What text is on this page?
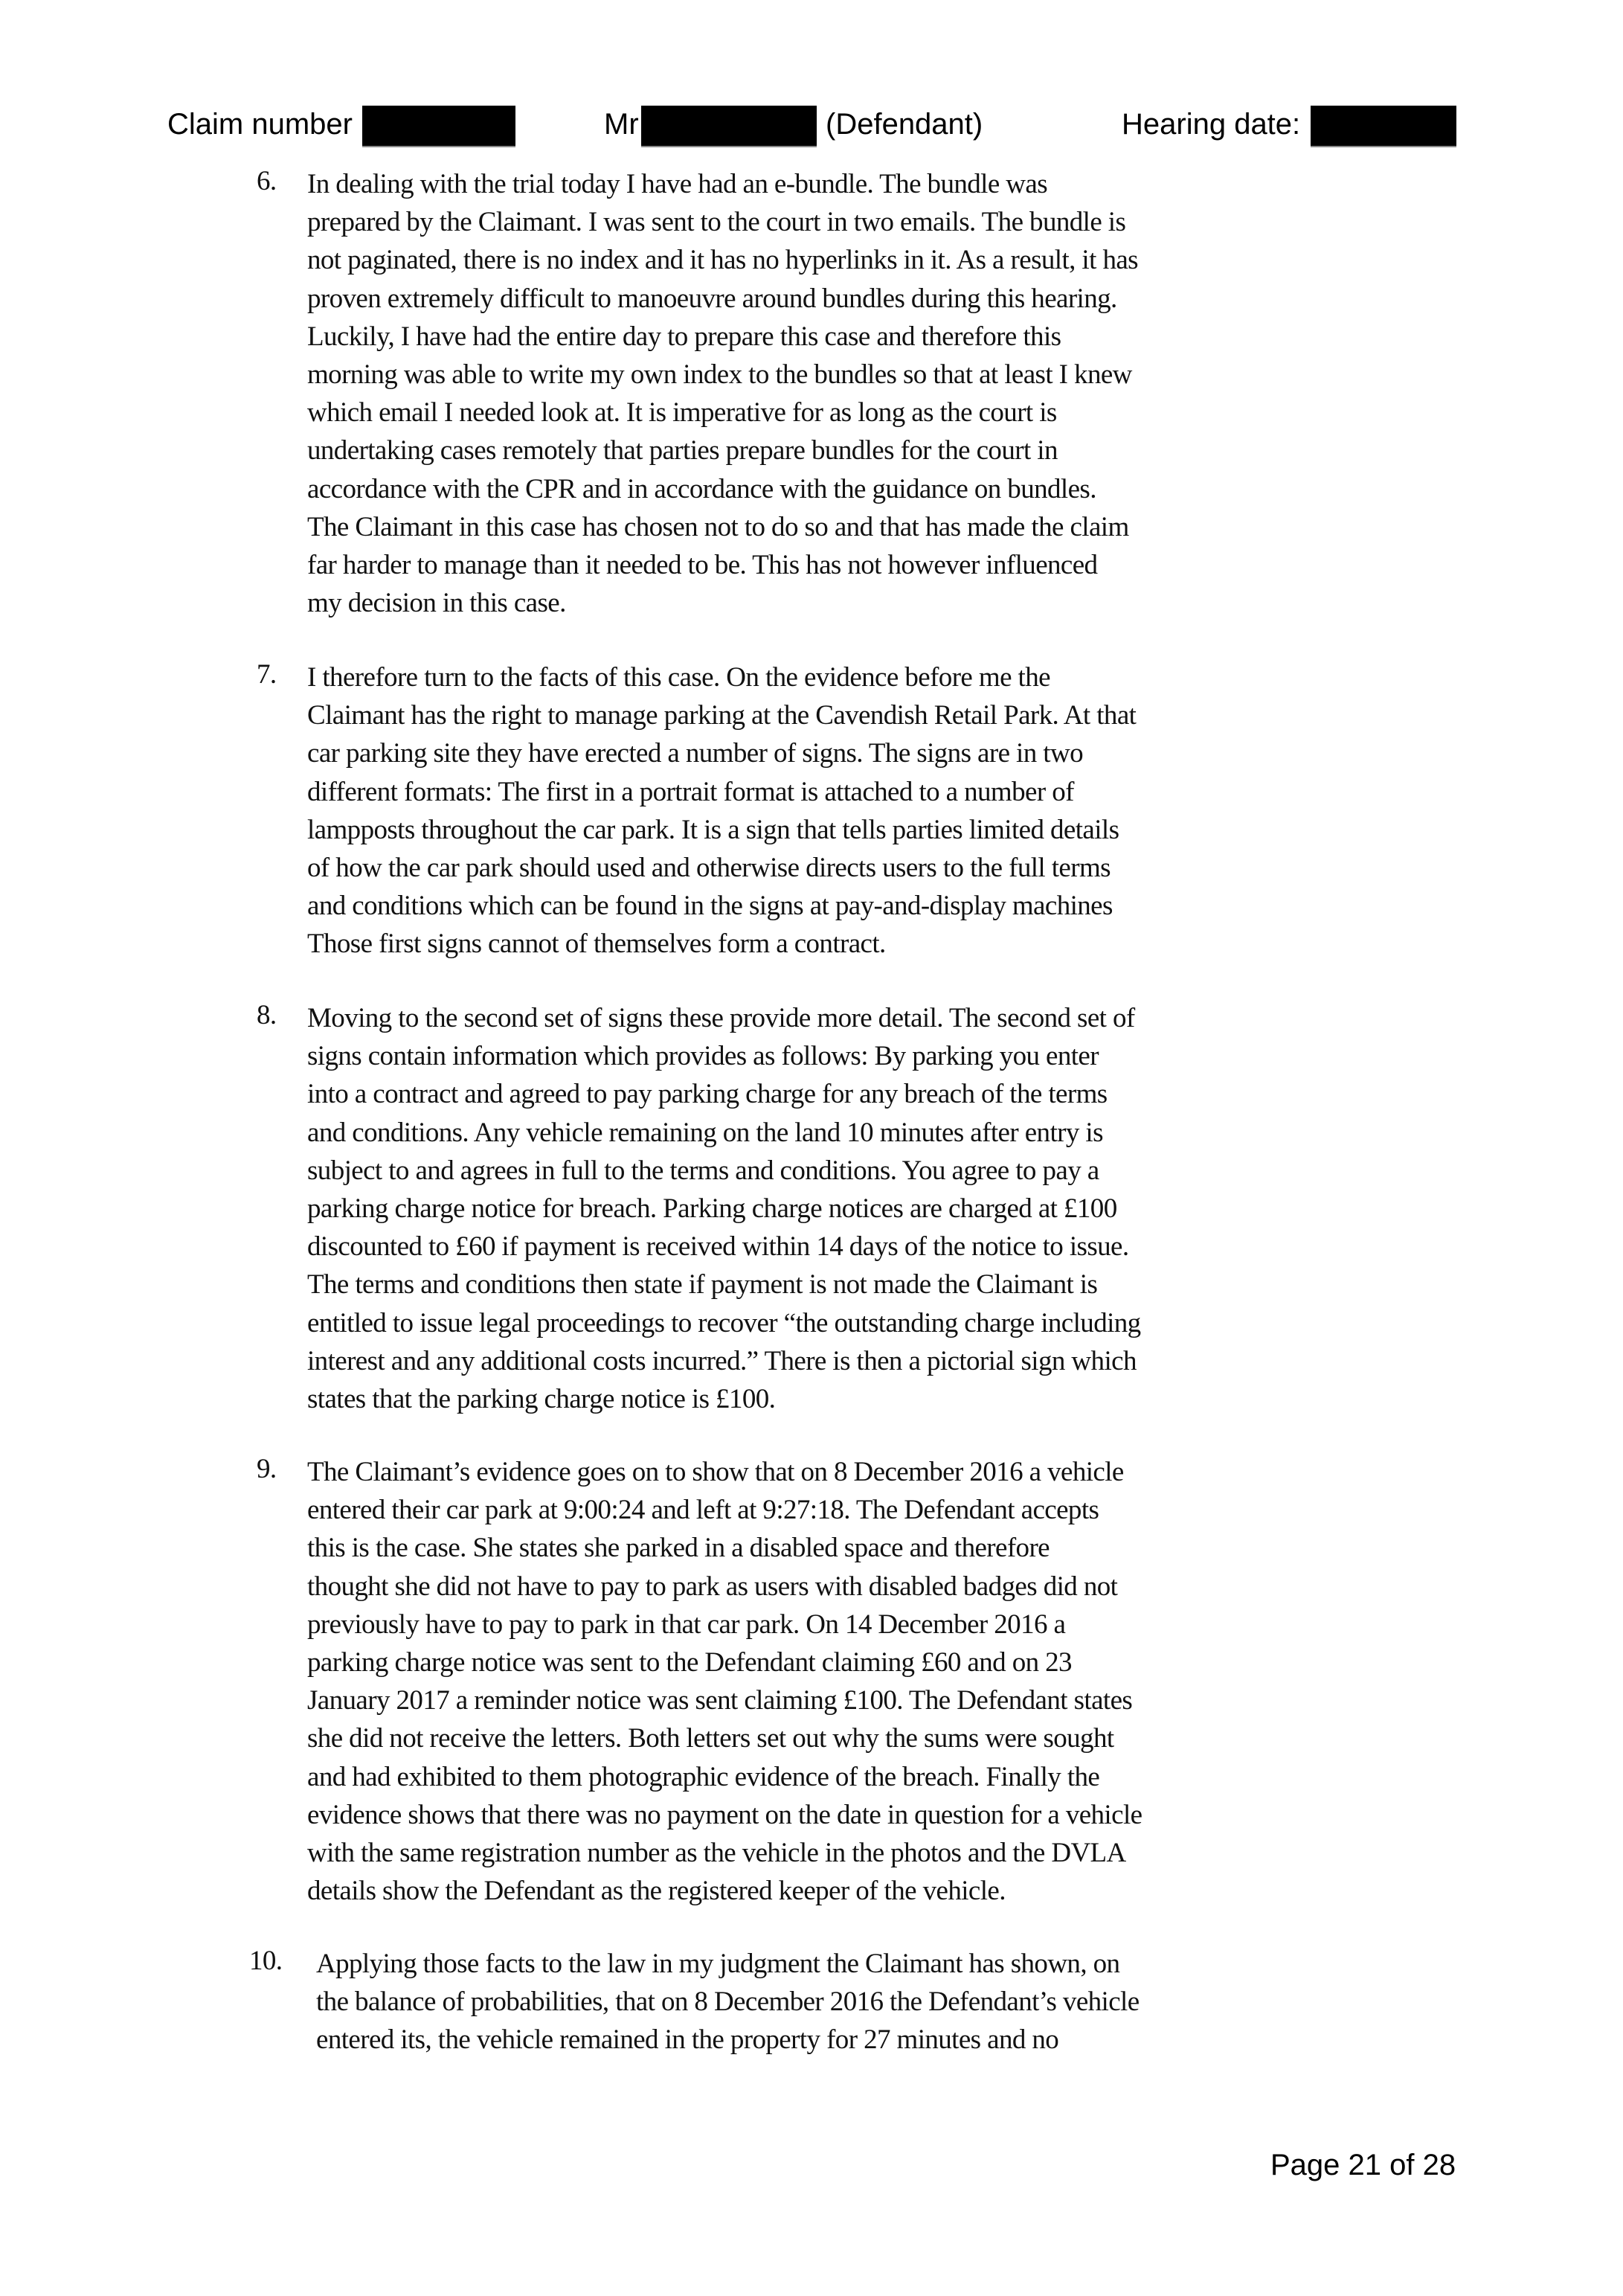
Claim number	Mr	(Defendant)	Hearing date:
6. In dealing with the trial today I have had an e-bundle. The bundle was
prepared by the Claimant. I was sent to the court in two emails. The bundle is
not paginated, there is no index and it has no hyperlinks in it. As a result, it has
proven extremely difficult to manoeuvre around bundles during this hearing.
Luckily, I have had the entire day to prepare this case and therefore this
morning was able to write my own index to the bundles so that at least I knew
which email I needed look at. It is imperative for as long as the court is
undertaking cases remotely that parties prepare bundles for the court in
accordance with the CPR and in accordance with the guidance on bundles.
The Claimant in this case has chosen not to do so and that has made the claim
far harder to manage than it needed to be. This has not however influenced
my decision in this case.
7. I therefore turn to the facts of this case. On the evidence before me the
Claimant has the right to manage parking at the Cavendish Retail Park. At that
car parking site they have erected a number of signs. The signs are in two
different formats: The first in a portrait format is attached to a number of
lampposts throughout the car park. It is a sign that tells parties limited details
of how the car park should used and otherwise directs users to the full terms
and conditions which can be found in the signs at pay-and-display machines
Those first signs cannot of themselves form a contract.
8. Moving to the second set of signs these provide more detail. The second set of
signs contain information which provides as follows: By parking you enter
into a contract and agreed to pay parking charge for any breach of the terms
and conditions. Any vehicle remaining on the land 10 minutes after entry is
subject to and agrees in full to the terms and conditions. You agree to pay a
parking charge notice for breach. Parking charge notices are charged at £100
discounted to £60 if payment is received within 14 days of the notice to issue.
The terms and conditions then state if payment is not made the Claimant is
entitled to issue legal proceedings to recover “the outstanding charge including
interest and any additional costs incurred.” There is then a pictorial sign which
states that the parking charge notice is £100.
9. The Claimant’s evidence goes on to show that on 8 December 2016 a vehicle
entered their car park at 9:00:24 and left at 9:27:18. The Defendant accepts
this is the case. She states she parked in a disabled space and therefore
thought she did not have to pay to park as users with disabled badges did not
previously have to pay to park in that car park. On 14 December 2016 a
parking charge notice was sent to the Defendant claiming £60 and on 23
January 2017 a reminder notice was sent claiming £100. The Defendant states
she did not receive the letters. Both letters set out why the sums were sought
and had exhibited to them photographic evidence of the breach. Finally the
evidence shows that there was no payment on the date in question for a vehicle
with the same registration number as the vehicle in the photos and the DVLA
details show the Defendant as the registered keeper of the vehicle.
10. Applying those facts to the law in my judgment the Claimant has shown, on
the balance of probabilities, that on 8 December 2016 the Defendant’s vehicle
entered its, the vehicle remained in the property for 27 minutes and no
Page 21 of 28
